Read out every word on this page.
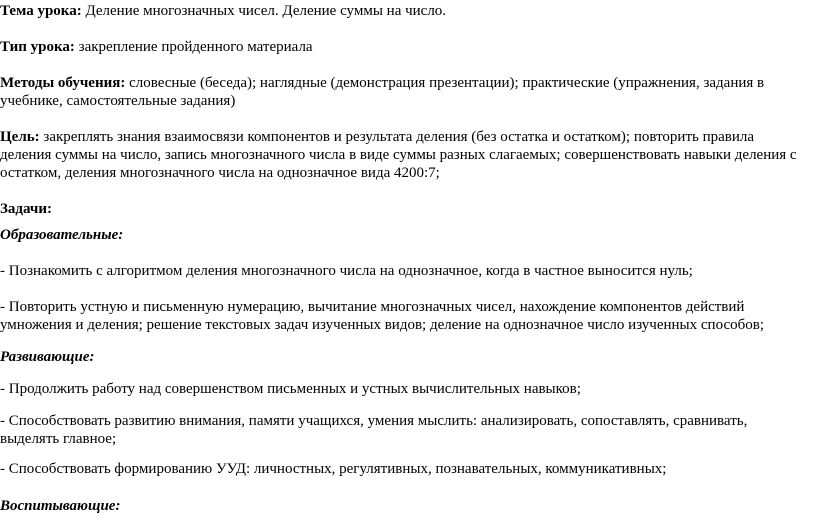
Тема урока: Деление многозначных чисел. Деление суммы на число.

Тип урока: закрепление пройденного материала

Методы обучения: словесные (беседа); наглядные (демонстрация презентации); практические (упражнения, задания в учебнике, самостоятельные задания)

Цель: закреплять знания взаимосвязи компонентов и результата деления (без остатка и остатком); повторить правила деления суммы на число, запись многозначного числа в виде суммы разных слагаемых; совершенствовать навыки деления с остатком, деления многозначного числа на однозначное вида 4200:7;

Задачи:

Образовательные:

- Познакомить с алгоритмом деления многозначного числа на однозначное, когда в частное выносится нуль;

- Повторить устную и письменную нумерацию, вычитание многозначных чисел, нахождение компонентов действий умножения и деления; решение текстовых задач изученных видов; деление на однозначное число изученных способов;

Развивающие:

- Продолжить работу над совершенством письменных и устных вычислительных навыков;

- Способствовать развитию внимания, памяти учащихся, умения мыслить: анализировать, сопоставлять, сравнивать, выделять главное;

- Способствовать формированию УУД: личностных, регулятивных, познавательных, коммуникативных;

Воспитывающие:
